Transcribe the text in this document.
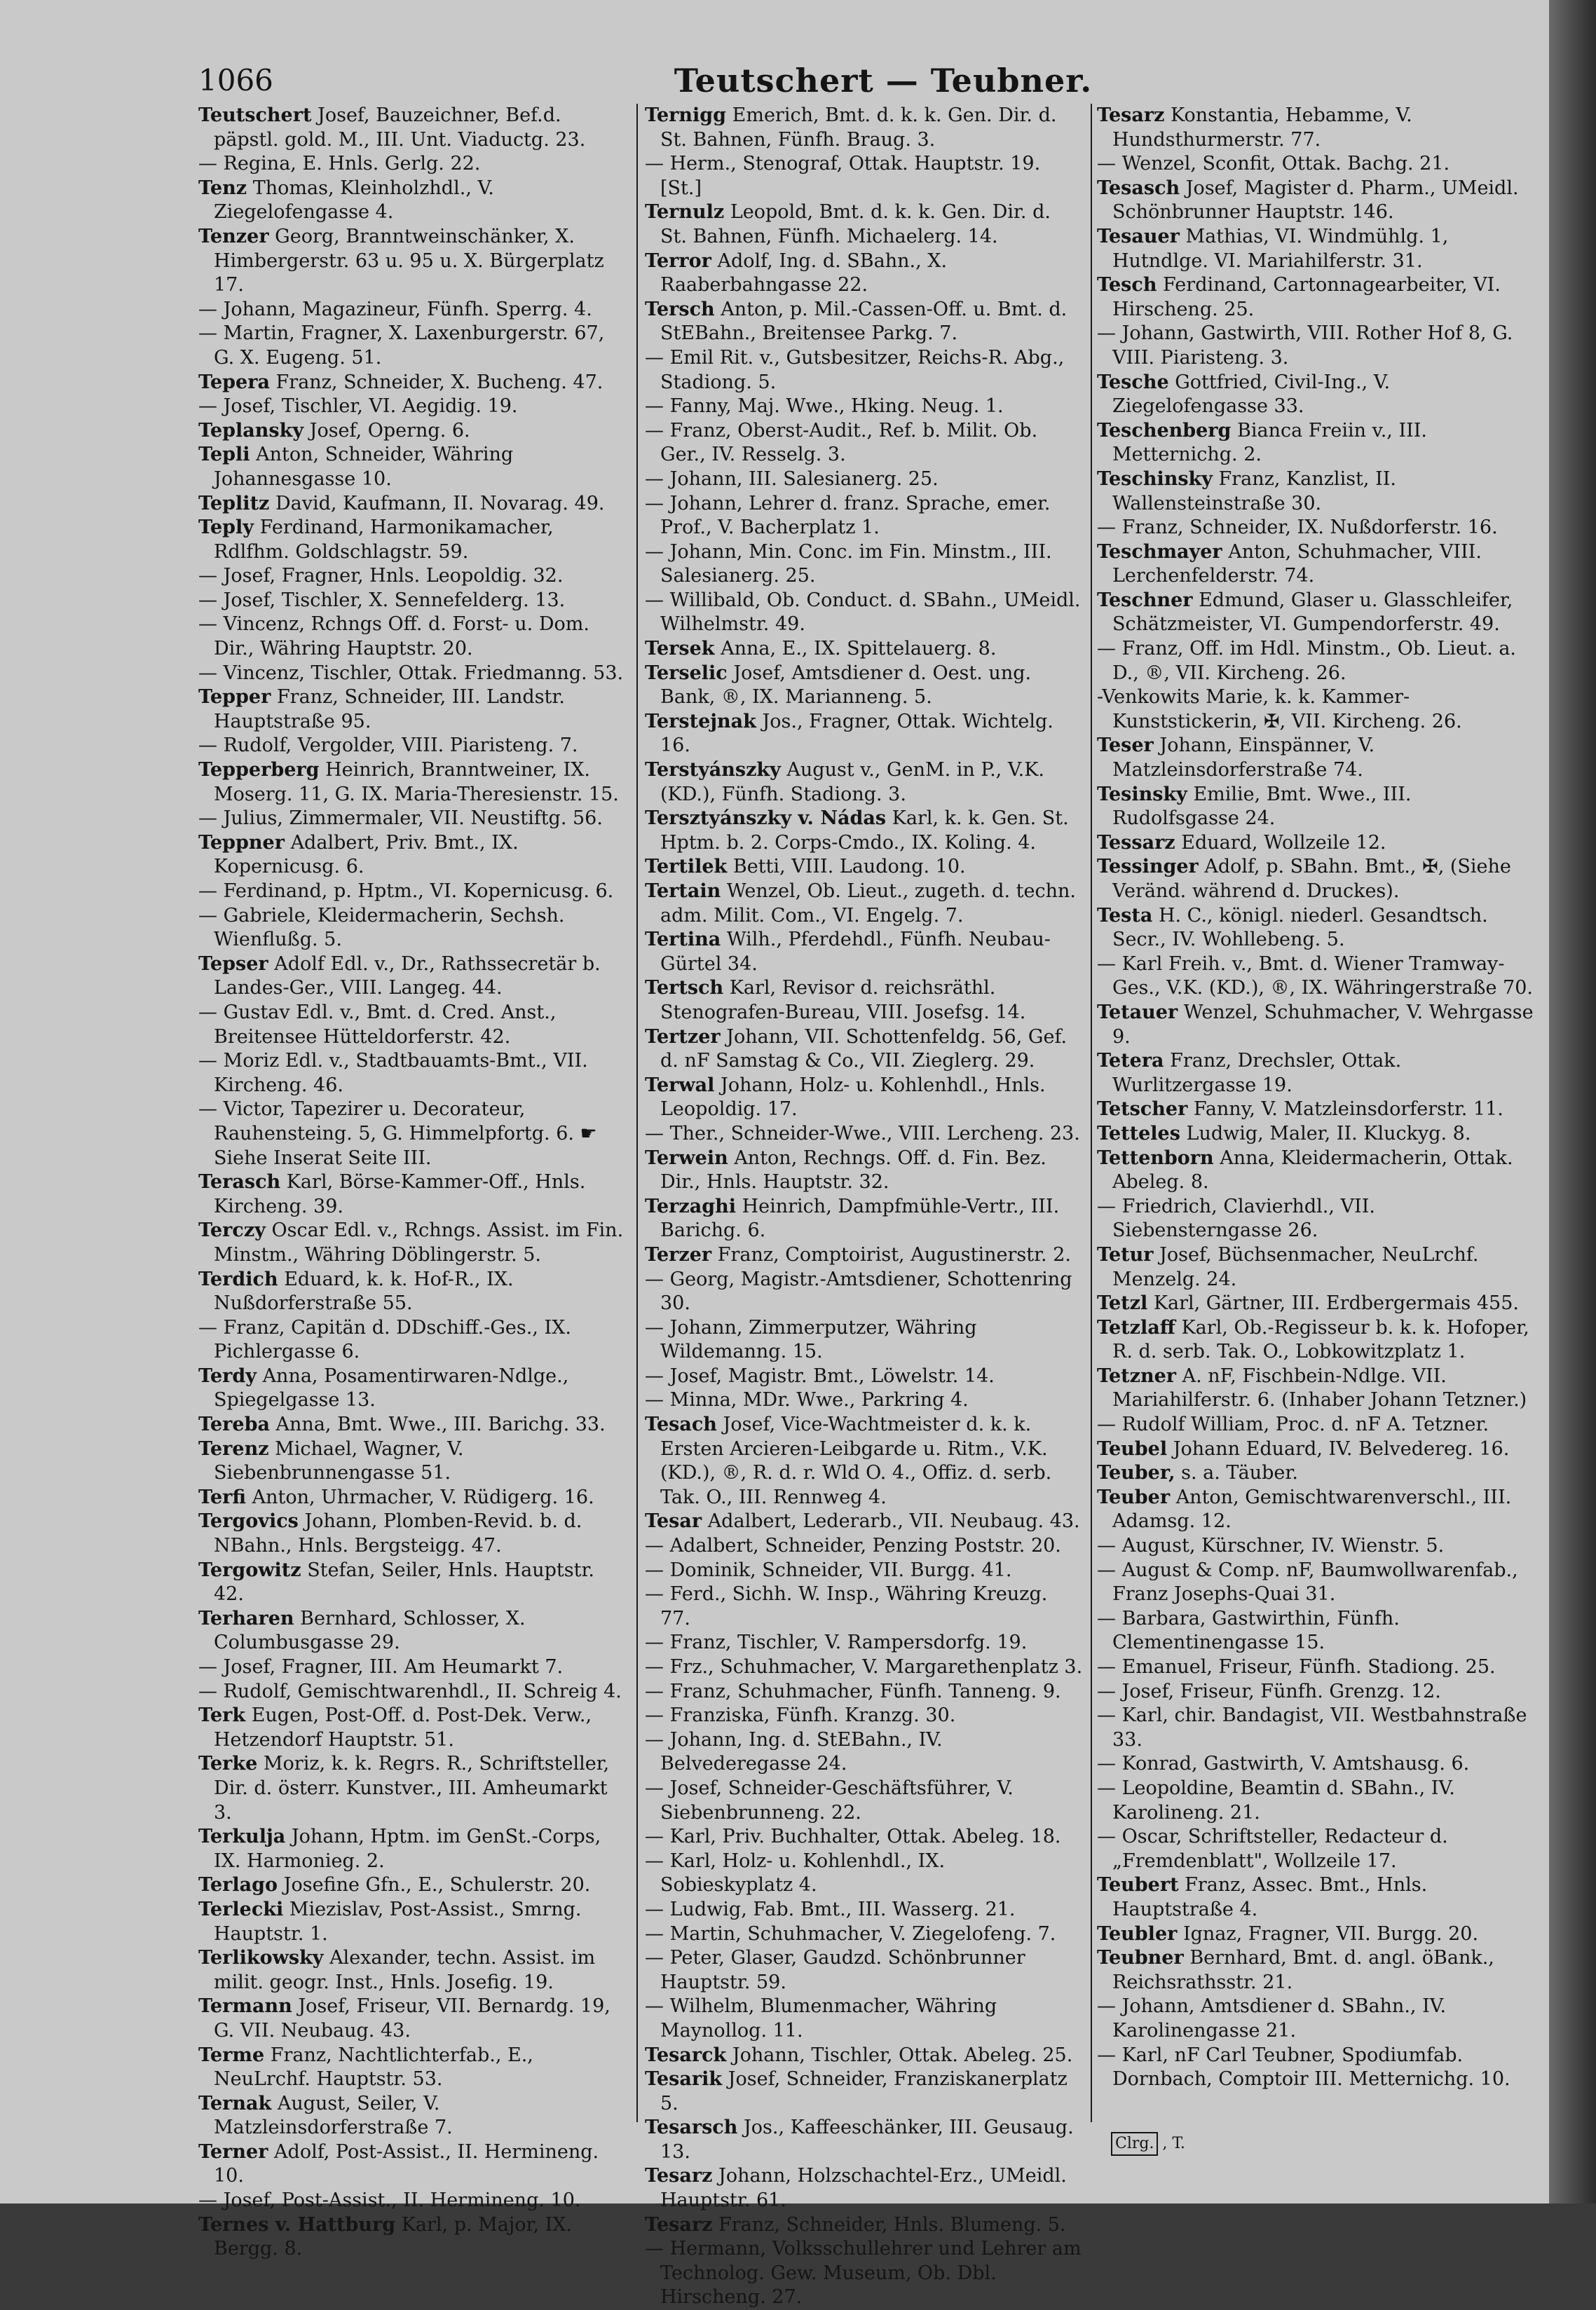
1066	Teutschert — Teubner.
Teutschert Josef, Bauzeichner, Bef.d. päpstl. gold. M., III. Unt. Viaductg. 23.
— Regina, E. Hnls. Gerlg. 22.
Tenz Thomas, Kleinholzhdl., V. Ziegelofengasse 4.
Tenzer Georg, Branntweinschänker, X. Himbergerstr. 63 u. 95 u. X. Bürgerplatz 17.
— Johann, Magazineur, Fünfh. Sperrg. 4.
— Martin, Fragner, X. Laxenburgerstr. 67, G. X. Eugeng. 51.
Tepera Franz, Schneider, X. Bucheng. 47.
— Josef, Tischler, VI. Aegidig. 19.
Teplansky Josef, Operng. 6.
Tepli Anton, Schneider, Währing Johannesgasse 10.
Teplitz David, Kaufmann, II. Novarag. 49.
Teply Ferdinand, Harmonikamacher, Rdlfhm. Goldschlagstr. 59.
— Josef, Fragner, Hnls. Leopoldig. 32.
— Josef, Tischler, X. Sennefelderg. 13.
— Vincenz, Rchngs Off. d. Forst- u. Dom. Dir., Währing Hauptstr. 20.
— Vincenz, Tischler, Ottak. Friedmanng. 53.
Tepper Franz, Schneider, III. Landstr. Hauptstraße 95.
— Rudolf, Vergolder, VIII. Piaristeng. 7.
Tepperberg Heinrich, Branntweiner, IX. Moserg. 11, G. IX. Maria-Theresienstr. 15.
— Julius, Zimmermaler, VII. Neustiftg. 56.
Teppner Adalbert, Priv. Bmt., IX. Kopernicusg. 6.
— Ferdinand, p. Hptm., VI. Kopernicusg. 6.
— Gabriele, Kleidermacherin, Sechsh. Wienflußg. 5.
Tepser Adolf Edl. v., Dr., Rathssecretär b. Landes-Ger., VIII. Langeg. 44.
— Gustav Edl. v., Bmt. d. Cred. Anst., Breitensee Hütteldorferstr. 42.
— Moriz Edl. v., Stadtbauamts-Bmt., VII. Kircheng. 46.
— Victor, Tapezirer u. Decorateur, Rauhensteing. 5, G. Himmelpfortg. 6. ☛ Siehe Inserat Seite III.
Terasch Karl, Börse-Kammer-Off., Hnls. Kircheng. 39.
Terczy Oscar Edl. v., Rchngs. Assist. im Fin. Minstm., Währing Döblingerstr. 5.
Terdich Eduard, k. k. Hof-R., IX. Nußdorferstraße 55.
— Franz, Capitän d. DDschiff.-Ges., IX. Pichlergasse 6.
Terdy Anna, Posamentirwaren-Ndlge., Spiegelgasse 13.
Tereba Anna, Bmt. Wwe., III. Barichg. 33.
Terenz Michael, Wagner, V. Siebenbrunnengasse 51.
Terfi Anton, Uhrmacher, V. Rüdigerg. 16.
Tergovics Johann, Plomben-Revid. b. d. NBahn., Hnls. Bergsteigg. 47.
Tergowitz Stefan, Seiler, Hnls. Hauptstr. 42.
Terharen Bernhard, Schlosser, X. Columbusgasse 29.
— Josef, Fragner, III. Am Heumarkt 7.
— Rudolf, Gemischtwarenhdl., II. Schreig 4.
Terk Eugen, Post-Off. d. Post-Dek. Verw., Hetzendorf Hauptstr. 51.
Terke Moriz, k. k. Regrs. R., Schriftsteller, Dir. d. österr. Kunstver., III. Amheumarkt 3.
Terkulja Johann, Hptm. im GenSt.-Corps, IX. Harmonieg. 2.
Terlago Josefine Gfn., E., Schulerstr. 20.
Terlecki Miezislav, Post-Assist., Smrng. Hauptstr. 1.
Terlikowsky Alexander, techn. Assist. im milit. geogr. Inst., Hnls. Josefig. 19.
Termann Josef, Friseur, VII. Bernardg. 19, G. VII. Neubaug. 43.
Terme Franz, Nachtlichterfab., E., NeuLrchf. Hauptstr. 53.
Ternak August, Seiler, V. Matzleinsdorferstraße 7.
Terner Adolf, Post-Assist., II. Hermineng. 10.
— Josef, Post-Assist., II. Hermineng. 10.
Ternes v. Hattburg Karl, p. Major, IX. Bergg. 8.
Ternigg Emerich, Bmt. d. k. k. Gen. Dir. d. St. Bahnen, Fünfh. Braug. 3.
— Herm., Stenograf, Ottak. Hauptstr. 19. [St.]
Ternulz Leopold, Bmt. d. k. k. Gen. Dir. d. St. Bahnen, Fünfh. Michaelerg. 14.
Terror Adolf, Ing. d. SBahn., X. Raaberbahngasse 22.
Tersch Anton, p. Mil.-Cassen-Off. u. Bmt. d. StEBahn., Breitensee Parkg. 7.
— Emil Rit. v., Gutsbesitzer, Reichs-R. Abg., Stadiong. 5.
— Fanny, Maj. Wwe., Hking. Neug. 1.
— Franz, Oberst-Audit., Ref. b. Milit. Ob. Ger., IV. Resselg. 3.
— Johann, III. Salesianerg. 25.
— Johann, Lehrer d. franz. Sprache, emer. Prof., V. Bacherplatz 1.
— Johann, Min. Conc. im Fin. Minstm., III. Salesianerg. 25.
— Willibald, Ob. Conduct. d. SBahn., UMeidl. Wilhelmstr. 49.
Tersek Anna, E., IX. Spittelauerg. 8.
Terselic Josef, Amtsdiener d. Oest. ung. Bank, ®, IX. Marianneng. 5.
Terstejnak Jos., Fragner, Ottak. Wichtelg. 16.
Terstyánszky August v., GenM. in P., V.K. (KD.), Fünfh. Stadiong. 3.
Tersztyánszky v. Nádas Karl, k. k. Gen. St. Hptm. b. 2. Corps-Cmdo., IX. Koling. 4.
Tertilek Betti, VIII. Laudong. 10.
Tertain Wenzel, Ob. Lieut., zugeth. d. techn. adm. Milit. Com., VI. Engelg. 7.
Tertina Wilh., Pferdehdl., Fünfh. Neubau-Gürtel 34.
Tertsch Karl, Revisor d. reichsräthl. Stenografen-Bureau, VIII. Josefsg. 14.
Tertzer Johann, VII. Schottenfeldg. 56, Gef. d. nF Samstag & Co., VII. Zieglerg. 29.
Terwal Johann, Holz- u. Kohlenhdl., Hnls. Leopoldig. 17.
— Ther., Schneider-Wwe., VIII. Lercheng. 23.
Terwein Anton, Rechngs. Off. d. Fin. Bez. Dir., Hnls. Hauptstr. 32.
Terzaghi Heinrich, Dampfmühle-Vertr., III. Barichg. 6.
Terzer Franz, Comptoirist, Augustinerstr. 2.
— Georg, Magistr.-Amtsdiener, Schottenring 30.
— Johann, Zimmerputzer, Währing Wildemanng. 15.
— Josef, Magistr. Bmt., Löwelstr. 14.
— Minna, MDr. Wwe., Parkring 4.
Tesach Josef, Vice-Wachtmeister d. k. k. Ersten Arcieren-Leibgarde u. Ritm., V.K. (KD.), ®, R. d. r. Wld O. 4., Offiz. d. serb. Tak. O., III. Rennweg 4.
Tesar Adalbert, Lederarb., VII. Neubaug. 43.
— Adalbert, Schneider, Penzing Poststr. 20.
— Dominik, Schneider, VII. Burgg. 41.
— Ferd., Sichh. W. Insp., Währing Kreuzg. 77.
— Franz, Tischler, V. Rampersdorfg. 19.
— Frz., Schuhmacher, V. Margarethenplatz 3.
— Franz, Schuhmacher, Fünfh. Tanneng. 9.
— Franziska, Fünfh. Kranzg. 30.
— Johann, Ing. d. StEBahn., IV. Belvederegasse 24.
— Josef, Schneider-Geschäftsführer, V. Siebenbrunneng. 22.
— Karl, Priv. Buchhalter, Ottak. Abeleg. 18.
— Karl, Holz- u. Kohlenhdl., IX. Sobieskyplatz 4.
— Ludwig, Fab. Bmt., III. Wasserg. 21.
— Martin, Schuhmacher, V. Ziegelofeng. 7.
— Peter, Glaser, Gaudzd. Schönbrunner Hauptstr. 59.
— Wilhelm, Blumenmacher, Währing Maynollog. 11.
Tesarck Johann, Tischler, Ottak. Abeleg. 25.
Tesarik Josef, Schneider, Franziskanerplatz 5.
Tesarsch Jos., Kaffeeschänker, III. Geusaug. 13.
Tesarz Johann, Holzschachtel-Erz., UMeidl. Hauptstr. 61.
Tesarz Franz, Schneider, Hnls. Blumeng. 5.
— Hermann, Volksschullehrer und Lehrer am Technolog. Gew. Museum, Ob. Dbl. Hirscheng. 27.
Tesarz Konstantia, Hebamme, V. Hundsthurmerstr. 77.
— Wenzel, Sconfit, Ottak. Bachg. 21.
Tesasch Josef, Magister d. Pharm., UMeidl. Schönbrunner Hauptstr. 146.
Tesauer Mathias, VI. Windmühlg. 1, Hutndlge. VI. Mariahilferstr. 31.
Tesch Ferdinand, Cartonnagearbeiter, VI. Hirscheng. 25.
— Johann, Gastwirth, VIII. Rother Hof 8, G. VIII. Piaristeng. 3.
Tesche Gottfried, Civil-Ing., V. Ziegelofengasse 33.
Teschenberg Bianca Freiin v., III. Metternichg. 2.
Teschinsky Franz, Kanzlist, II. Wallensteinstraße 30.
— Franz, Schneider, IX. Nußdorferstr. 16.
Teschmayer Anton, Schuhmacher, VIII. Lerchenfelderstr. 74.
Teschner Edmund, Glaser u. Glasschleifer, Schätzmeister, VI. Gumpendorferstr. 49.
— Franz, Off. im Hdl. Minstm., Ob. Lieut. a. D., ®, VII. Kircheng. 26.
-Venkowits Marie, k. k. Kammer-Kunststickerin, ✠, VII. Kircheng. 26.
Teser Johann, Einspänner, V. Matzleinsdorferstraße 74.
Tesinsky Emilie, Bmt. Wwe., III. Rudolfsgasse 24.
Tessarz Eduard, Wollzeile 12.
Tessinger Adolf, p. SBahn. Bmt., ✠, (Siehe Veränd. während d. Druckes).
Testa H. C., königl. niederl. Gesandtsch. Secr., IV. Wohllebeng. 5.
— Karl Freih. v., Bmt. d. Wiener Tramway-Ges., V.K. (KD.), ®, IX. Währingerstraße 70.
Tetauer Wenzel, Schuhmacher, V. Wehrgasse 9.
Tetera Franz, Drechsler, Ottak. Wurlitzergasse 19.
Tetscher Fanny, V. Matzleinsdorferstr. 11.
Tetteles Ludwig, Maler, II. Kluckyg. 8.
Tettenborn Anna, Kleidermacherin, Ottak. Abeleg. 8.
— Friedrich, Clavierhdl., VII. Siebensterngasse 26.
Tetur Josef, Büchsenmacher, NeuLrchf. Menzelg. 24.
Tetzl Karl, Gärtner, III. Erdbergermais 455.
Tetzlaff Karl, Ob.-Regisseur b. k. k. Hofoper, R. d. serb. Tak. O., Lobkowitzplatz 1.
Tetzner A. nF, Fischbein-Ndlge. VII. Mariahilferstr. 6. (Inhaber Johann Tetzner.)
— Rudolf William, Proc. d. nF A. Tetzner.
Teubel Johann Eduard, IV. Belvedereg. 16.
Teuber, s. a. Täuber.
Teuber Anton, Gemischtwarenverschl., III. Adamsg. 12.
— August, Kürschner, IV. Wienstr. 5.
— August & Comp. nF, Baumwollwarenfab., Franz Josephs-Quai 31.
— Barbara, Gastwirthin, Fünfh. Clementinengasse 15.
— Emanuel, Friseur, Fünfh. Stadiong. 25.
— Josef, Friseur, Fünfh. Grenzg. 12.
— Karl, chir. Bandagist, VII. Westbahnstraße 33.
— Konrad, Gastwirth, V. Amtshausg. 6.
— Leopoldine, Beamtin d. SBahn., IV. Karolineng. 21.
— Oscar, Schriftsteller, Redacteur d. „Fremdenblatt", Wollzeile 17.
Teubert Franz, Assec. Bmt., Hnls. Hauptstraße 4.
Teubler Ignaz, Fragner, VII. Burgg. 20.
Teubner Bernhard, Bmt. d. angl. öBank., Reichsrathsstr. 21.
— Johann, Amtsdiener d. SBahn., IV. Karolinengasse 21.
— Karl, nF Carl Teubner, Spodiumfab. Dornbach, Comptoir III. Metternichg. 10.
Clrg. , T.
